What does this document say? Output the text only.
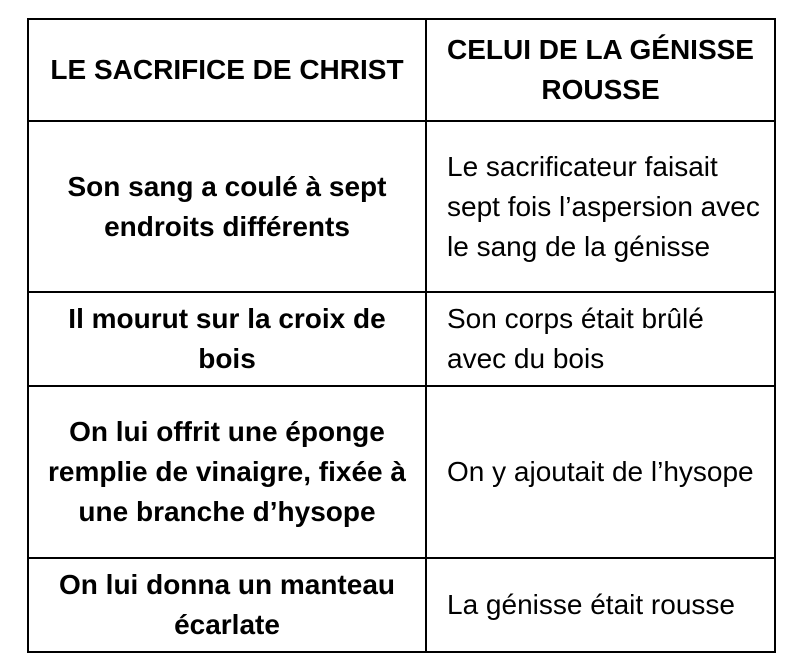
LE SACRIFICE DE CHRIST	CELUI DE LA GÉNISSE ROUSSE
Son sang a coulé à sept endroits différents	Le sacrificateur faisait sept fois l’aspersion avec le sang de la génisse
Il mourut sur la croix de bois	Son corps était brûlé avec du bois
On lui offrit une éponge remplie de vinaigre, fixée à une branche d’hysope	On y ajoutait de l’hysope
On lui donna un manteau écarlate	La génisse était rousse
